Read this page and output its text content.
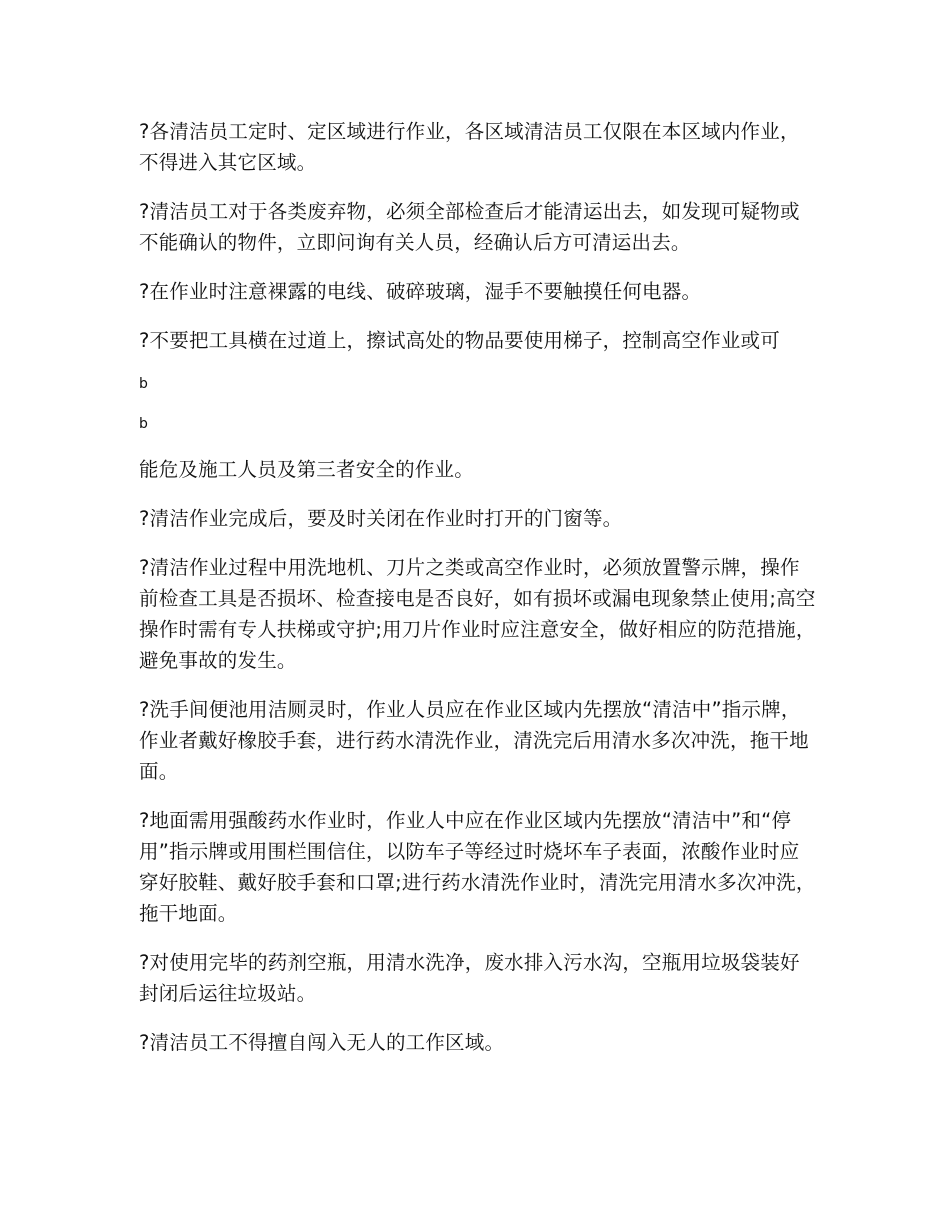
?各清洁员工定时、定区域进行作业，各区域清洁员工仅限在本区域内作业，不得进入其它区域。

?清洁员工对于各类废弃物，必须全部检查后才能清运出去，如发现可疑物或不能确认的物件，立即问询有关人员，经确认后方可清运出去。

?在作业时注意裸露的电线、破碎玻璃，湿手不要触摸任何电器。

?不要把工具横在过道上，擦试高处的物品要使用梯子，控制高空作业或可

b

b

能危及施工人员及第三者安全的作业。

?清洁作业完成后，要及时关闭在作业时打开的门窗等。

?清洁作业过程中用洗地机、刀片之类或高空作业时，必须放置警示牌，操作前检查工具是否损坏、检查接电是否良好，如有损坏或漏电现象禁止使用;高空操作时需有专人扶梯或守护;用刀片作业时应注意安全，做好相应的防范措施，避免事故的发生。

?洗手间便池用洁厕灵时，作业人员应在作业区域内先摆放“清洁中”指示牌，作业者戴好橡胶手套，进行药水清洗作业，清洗完后用清水多次冲洗，拖干地面。

?地面需用强酸药水作业时，作业人中应在作业区域内先摆放“清洁中”和“停用”指示牌或用围栏围信住，以防车子等经过时烧坏车子表面，浓酸作业时应穿好胶鞋、戴好胶手套和口罩;进行药水清洗作业时，清洗完用清水多次冲洗，拖干地面。

?对使用完毕的药剂空瓶，用清水洗净，废水排入污水沟，空瓶用垃圾袋装好封闭后运往垃圾站。

?清洁员工不得擅自闯入无人的工作区域。
